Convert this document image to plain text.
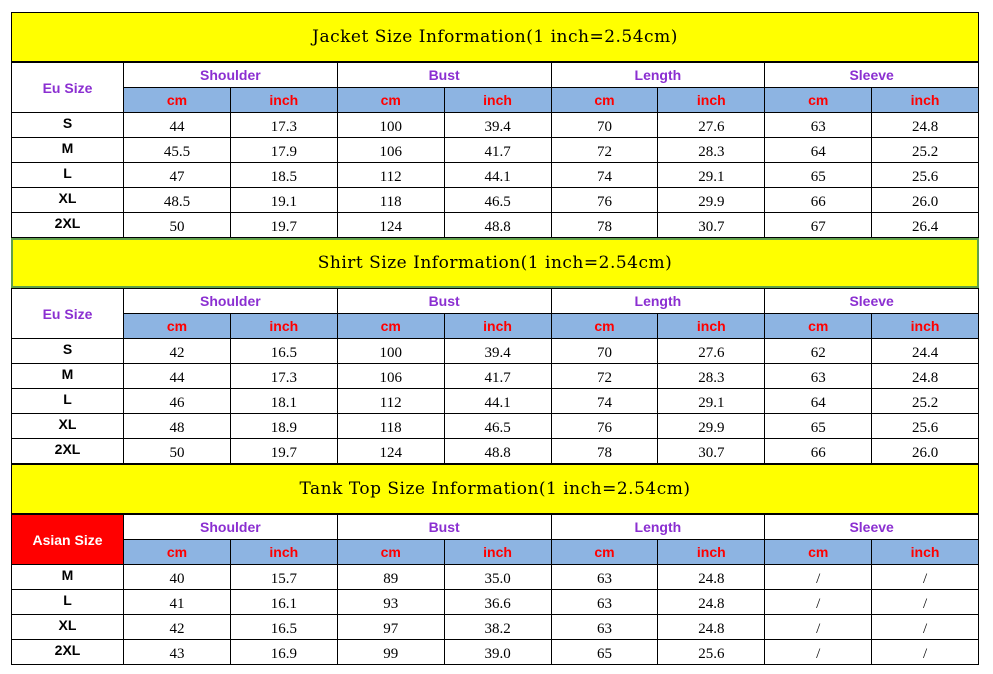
Jacket Size Information(1 inch=2.54cm)
Eu Size	Shoulder		Bust		Length		Sleeve	
	cm	inch	cm	inch	cm	inch	cm	inch
S	44	17.3	100	39.4	70	27.6	63	24.8
M	45.5	17.9	106	41.7	72	28.3	64	25.2
L	47	18.5	112	44.1	74	29.1	65	25.6
XL	48.5	19.1	118	46.5	76	29.9	66	26.0
2XL	50	19.7	124	48.8	78	30.7	67	26.4
Shirt Size Information(1 inch=2.54cm)
Eu Size	Shoulder		Bust		Length		Sleeve	
	cm	inch	cm	inch	cm	inch	cm	inch
S	42	16.5	100	39.4	70	27.6	62	24.4
M	44	17.3	106	41.7	72	28.3	63	24.8
L	46	18.1	112	44.1	74	29.1	64	25.2
XL	48	18.9	118	46.5	76	29.9	65	25.6
2XL	50	19.7	124	48.8	78	30.7	66	26.0
Tank Top Size Information(1 inch=2.54cm)
Asian Size	Shoulder		Bust		Length		Sleeve	
	cm	inch	cm	inch	cm	inch	cm	inch
M	40	15.7	89	35.0	63	24.8	/	/
L	41	16.1	93	36.6	63	24.8	/	/
XL	42	16.5	97	38.2	63	24.8	/	/
2XL	43	16.9	99	39.0	65	25.6	/	/
